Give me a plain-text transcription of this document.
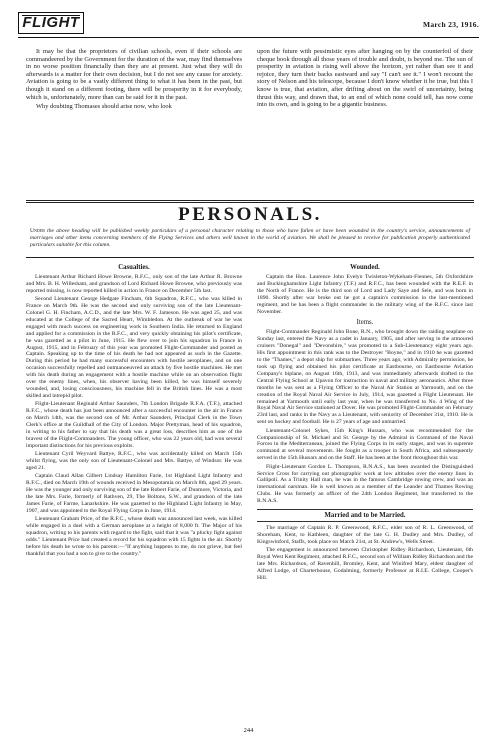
FLIGHT	March 23, 1916.

It may be that the proprietors of civilian schools, even if their schools are commandeered by the Government for the duration of the war, may find themselves in no worse position financially than they are at present. Just what they will do afterwards is a matter for their own decision, but I do not see any cause for anxiety. Aviation is going to be a vastly different thing to what it has been in the past, but though it stand on a different footing, there will be prosperity in it for everybody, which is, unfortunately, more than can be said for it in the past.

Why doubting Thomases should arise now, who look

upon the future with pessimistic eyes after hanging on by the counterfoil of their cheque book through all those years of trouble and doubt, is beyond me. The sun of prosperity in aviation is rising well above the horizon, yet rather than see it and rejoice, they turn their backs eastward and say "I can't see it." I won't recount the story of Nelson and his telescope, because I don't know whether it be true, but this I know is true, that aviation, after drifting about on the swirl of uncertainty, being thrust this way, and drawn that, to an end of which none could tell, has now come into its own, and is going to be a gigantic business.

PERSONALS.
Under the above heading will be published weekly particulars of a personal character relating to those who have fallen or have been wounded in the country's service, announcements of marriages and other items concerning members of the Flying Services and others well known in the world of aviation. We shall be pleased to receive for publication properly authenticated particulars suitable for this column.
Casualties.

Lieutenant Arthur Richard Howe Browne, R.F.C., only son of the late Arthur R. Browne and Mrs. B. H. Willesham, and grandson of Lord Richard Howe Browne, who previously was reported missing, is now reported killed in action in France on December 5th last.

Second Lieutenant George Hedgate Fincham, 6th Squadron, R.F.C., who was killed in France on March 9th. He was the second and only surviving son of the late Lieutenant-Colonel G. H. Fincham, A.C.D., and the late Mrs. W. F. Jameson. He was aged 25, and was educated at the College of the Sacred Heart, Wimbledon. At the outbreak of war he was engaged with much success on engineering work in Southern India. He returned to England and applied for a commission in the R.F.C., and very quickly obtaining his pilot's certificate, he was gazetted as a pilot in June, 1915. He flew over to join his squadron in France in August, 1915, and in February of this year was promoted Flight-Commander and posted as Captain. Speaking up to the time of his death he had not appeared as such in the Gazette. During this period he had many successful encounters with hostile aeroplanes, and on one occasion successfully repelled and outmanoeuvred an attack by five hostile machines. He met with his death during an engagement with a hostile machine while on an observation flight over the enemy lines, when, his observer having been killed, he was himself severely wounded, and, losing consciousness, his machine fell in the British lines. He was a most skilled and intrepid pilot.

Flight-Lieutenant Reginald Arthur Saunders, 7th London Brigade R.F.A. (T.F.), attached R.F.C., whose death has just been announced after a successful encounter in the air in France on March 14th, was the second son of Mr. Arthur Saunders, Principal Clerk in the Town Clerk's office at the Guildhall of the City of London. Major Prettyman, head of his squadron, in writing to his father to say that his death was a great loss, describes him as one of the bravest of the Flight-Commanders. The young officer, who was 22 years old, had won several important distinctions for his previous exploits.

Lieutenant Cyril Weyvard Battye, R.F.C., who was accidentally killed on March 15th whilst flying, was the only son of Lieutenant-Colonel and Mrs. Battye, of Windsor. He was aged 21.

Captain Claud Allan Gilbert Lindsay Hamilton Farie, 1st Highland Light Infantry and R.F.C., died on March 19th of wounds received in Mesopotamia on March 8th, aged 29 years. He was the younger and only surviving son of the late Robert Farie, of Dunmore, Victoria, and the late Mrs. Farie, formerly of Rathven, 29, The Boltons, S.W., and grandson of the late James Farie, of Farme, Lanarkshire. He was gazetted to the Highland Light Infantry in May, 1907, and was appointed to the Royal Flying Corps in June, 1914.

Lieutenant Graham Price, of the R.F.C., whose death was announced last week, was killed while engaged in a duel with a German aeroplane at a height of 8,000 ft. The Major of his squadron, writing to his parents with regard to the fight, said that it was "a plucky fight against odds." Lieutenant Price had created a record for his squadron with 15 fights in the air. Shortly before his death he wrote to his parents:—"If anything happens to me, do not grieve, but feel thankful that you had a son to give to the country."

Wounded.

Captain the Hon. Laurence John Evelyn Twisleton-Wykeham-Fiennes, 5th Oxfordshire and Buckinghamshire Light Infantry (T.F.) and R.F.C., has been wounded with the R.E.F. in the North of France. He is the third son of Lord and Lady Saye and Sele, and was born in 1890. Shortly after war broke out he got a captain's commission in the last-mentioned regiment, and he has been a flight commander in the military wing of the R.F.C. since last November.

Items.

Flight-Commander Reginald John Bone, R.N., who brought down the raiding seaplane on Sunday last, entered the Navy as a cadet in January, 1905, and after serving in the armoured cruisers "Donegal" and "Devonshire," was promoted to a Sub-Lieutenancy eight years ago. His first appointment in this rank was to the Destroyer "Boyne," and in 1910 he was gazetted to the "Thames," a depot ship for submarines. Three years ago, with Admiralty permission, he took up flying and obtained his pilot certificate at Eastbourne, on Eastbourne Aviation Company's biplane, on August 16th, 1913, and was immediately afterwards drafted to the Central Flying School at Upavon for instruction in naval and military aeronautics. After three months he was sent as a Flying Officer to the Naval Air Station at Yarmouth, and on the creation of the Royal Naval Air Service in July, 1914, was gazetted a Flight Lieutenant. He remained at Yarmouth until early last year, when he was transferred to No. 4 Wing of the Royal Naval Air Service stationed at Dover. He was promoted Flight-Commander on February 23rd last, and ranks in the Navy as a Lieutenant, with seniority of December 31st, 1910. He is sent on hockey and football. He is 27 years of age and unmarried.

Lieutenant-Colonel Sykes, 15th King's Hussars, who was recommended for the Companionship of St. Michael and St. George by the Admiral in Command of the Naval Forces in the Mediterranean, joined the Flying Corps in its early stages, and was in supreme command at several movements. He fought as a trooper in South Africa, and subsequently served in the 15th Hussars and on the Staff. He has been at the front throughout this war.

Flight-Lieutenant Gordon L. Thompson, R.N.A.S., has been awarded the Distinguished Service Cross for carrying out photographic work at low altitudes over the enemy lines in Gallipoli. As a Trinity Hall man, he was in the famous Cambridge rowing crew, and was an international oarsman. He is well known as a member of the Leander and Thames Rowing Clubs. He was formerly an officer of the 24th London Regiment, but transferred to the R.N.A.S.

Married and to be Married.

The marriage of Captain R. P. Greenwood, R.F.C., elder son of R. L. Greenwood, of Shoreham, Kent, to Kathleen, daughter of the late G. H. Dudley and Mrs. Dudley, of Kingswinford, Staffs, took place on March 21st, at St. Andrew's, Wells Street.

The engagement is announced between Christopher Ridley Richardson, Lieutenant, 6th Royal West Kent Regiment, attached R.F.C., second son of William Ridley Richardson and the late Mrs. Richardson, of Ravenhill, Bromley, Kent, and Winifred Mary, eldest daughter of Alfred Lodge, of Charterhouse, Godalming, formerly Professor at R.I.E. College, Cooper's Hill.

244
